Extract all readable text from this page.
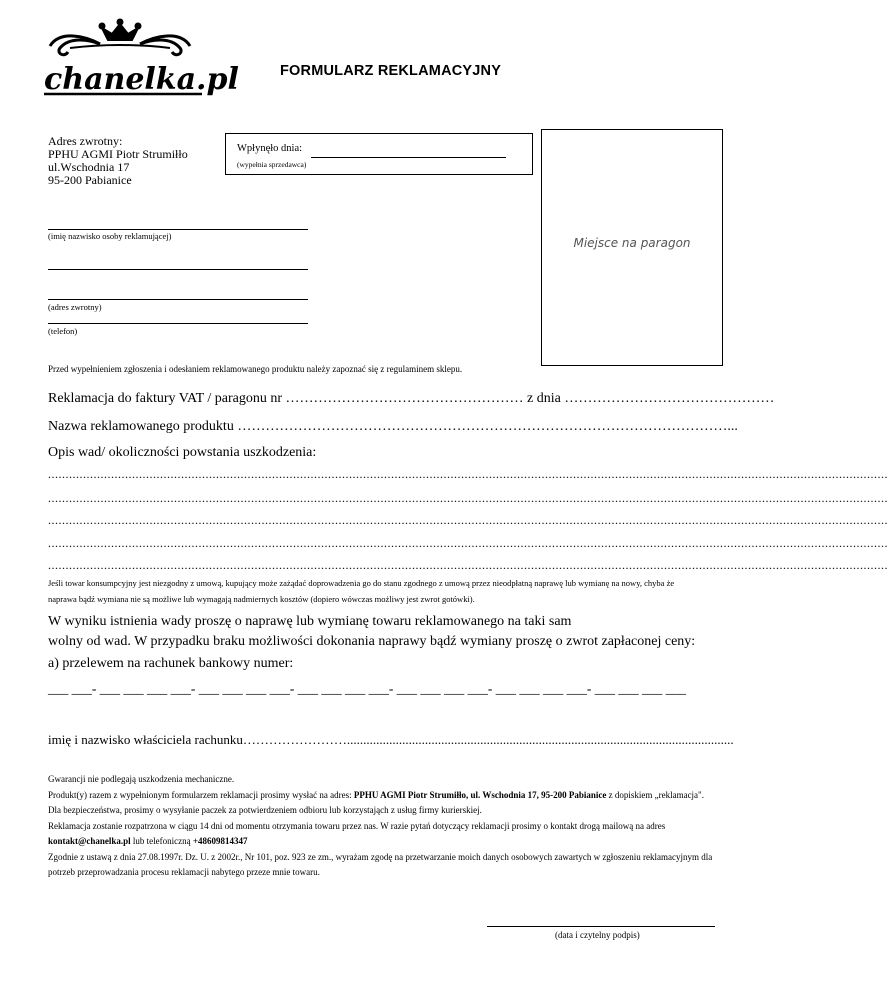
chanelka.pl	FORMULARZ REKLAMACYJNY
Adres zwrotny:
PPHU AGMI Piotr Strumiłło
ul.Wschodnia 17
95-200 Pabianice
Wpłynęło dnia:
(wypełnia sprzedawca)
Miejsce na paragon
(imię nazwisko osoby reklamującej)
(adres zwrotny)
(telefon)
Przed wypełnieniem zgłoszenia i odesłaniem reklamowanego produktu należy zapoznać się z regulaminem sklepu.
Reklamacja do faktury VAT / paragonu nr …………………………………………… z dnia ………………………………………
Nazwa reklamowanego produktu ……………………………………………………………………………………………...
Opis wad/ okoliczności powstania uszkodzenia:
................................................................................................................................................................................................................................................
................................................................................................................................................................................................................................................
................................................................................................................................................................................................................................................
................................................................................................................................................................................................................................................
................................................................................................................................................................................................................................................
Jeśli towar konsumpcyjny jest niezgodny z umową, kupujący może zażądać doprowadzenia go do stanu zgodnego z umową przez nieodpłatną naprawę lub wymianę na nowy, chyba że
naprawa bądź wymiana nie są możliwe lub wymagają nadmiernych kosztów (dopiero wówczas możliwy jest zwrot gotówki).
W wyniku istnienia wady proszę o naprawę lub wymianę towaru reklamowanego na taki sam
wolny od wad. W przypadku braku możliwości dokonania naprawy bądź wymiany proszę o zwrot zapłaconej ceny:
a) przelewem na rachunek bankowy numer:
___ ___- ___ ___ ___ ___- ___ ___ ___ ___- ___ ___ ___ ___- ___ ___ ___ ___- ___ ___ ___ ___- ___ ___ ___ ___
imię i nazwisko właściciela rachunku…………………….......................................................................................................................
Gwarancji nie podlegają uszkodzenia mechaniczne.
Produkt(y) razem z wypełnionym formularzem reklamacji prosimy wysłać na adres: PPHU AGMI Piotr Strumiłło, ul. Wschodnia 17, 95-200 Pabianice z dopiskiem „reklamacja".
Dla bezpieczeństwa, prosimy o wysyłanie paczek za potwierdzeniem odbioru lub korzystająch z usług firmy kurierskiej.
Reklamacja zostanie rozpatrzona w ciągu 14 dni od momentu otrzymania towaru przez nas. W razie pytań dotyczący reklamacji prosimy o kontakt drogą mailową na adres
kontakt@chanelka.pl lub telefoniczną +48609814347
Zgodnie z ustawą z dnia 27.08.1997r. Dz. U. z 2002r., Nr 101, poz. 923 ze zm., wyrażam zgodę na przetwarzanie moich danych osobowych zawartych w zgłoszeniu reklamacyjnym dla
potrzeb przeprowadzania procesu reklamacji nabytego przeze mnie towaru.
(data i czytelny podpis)
